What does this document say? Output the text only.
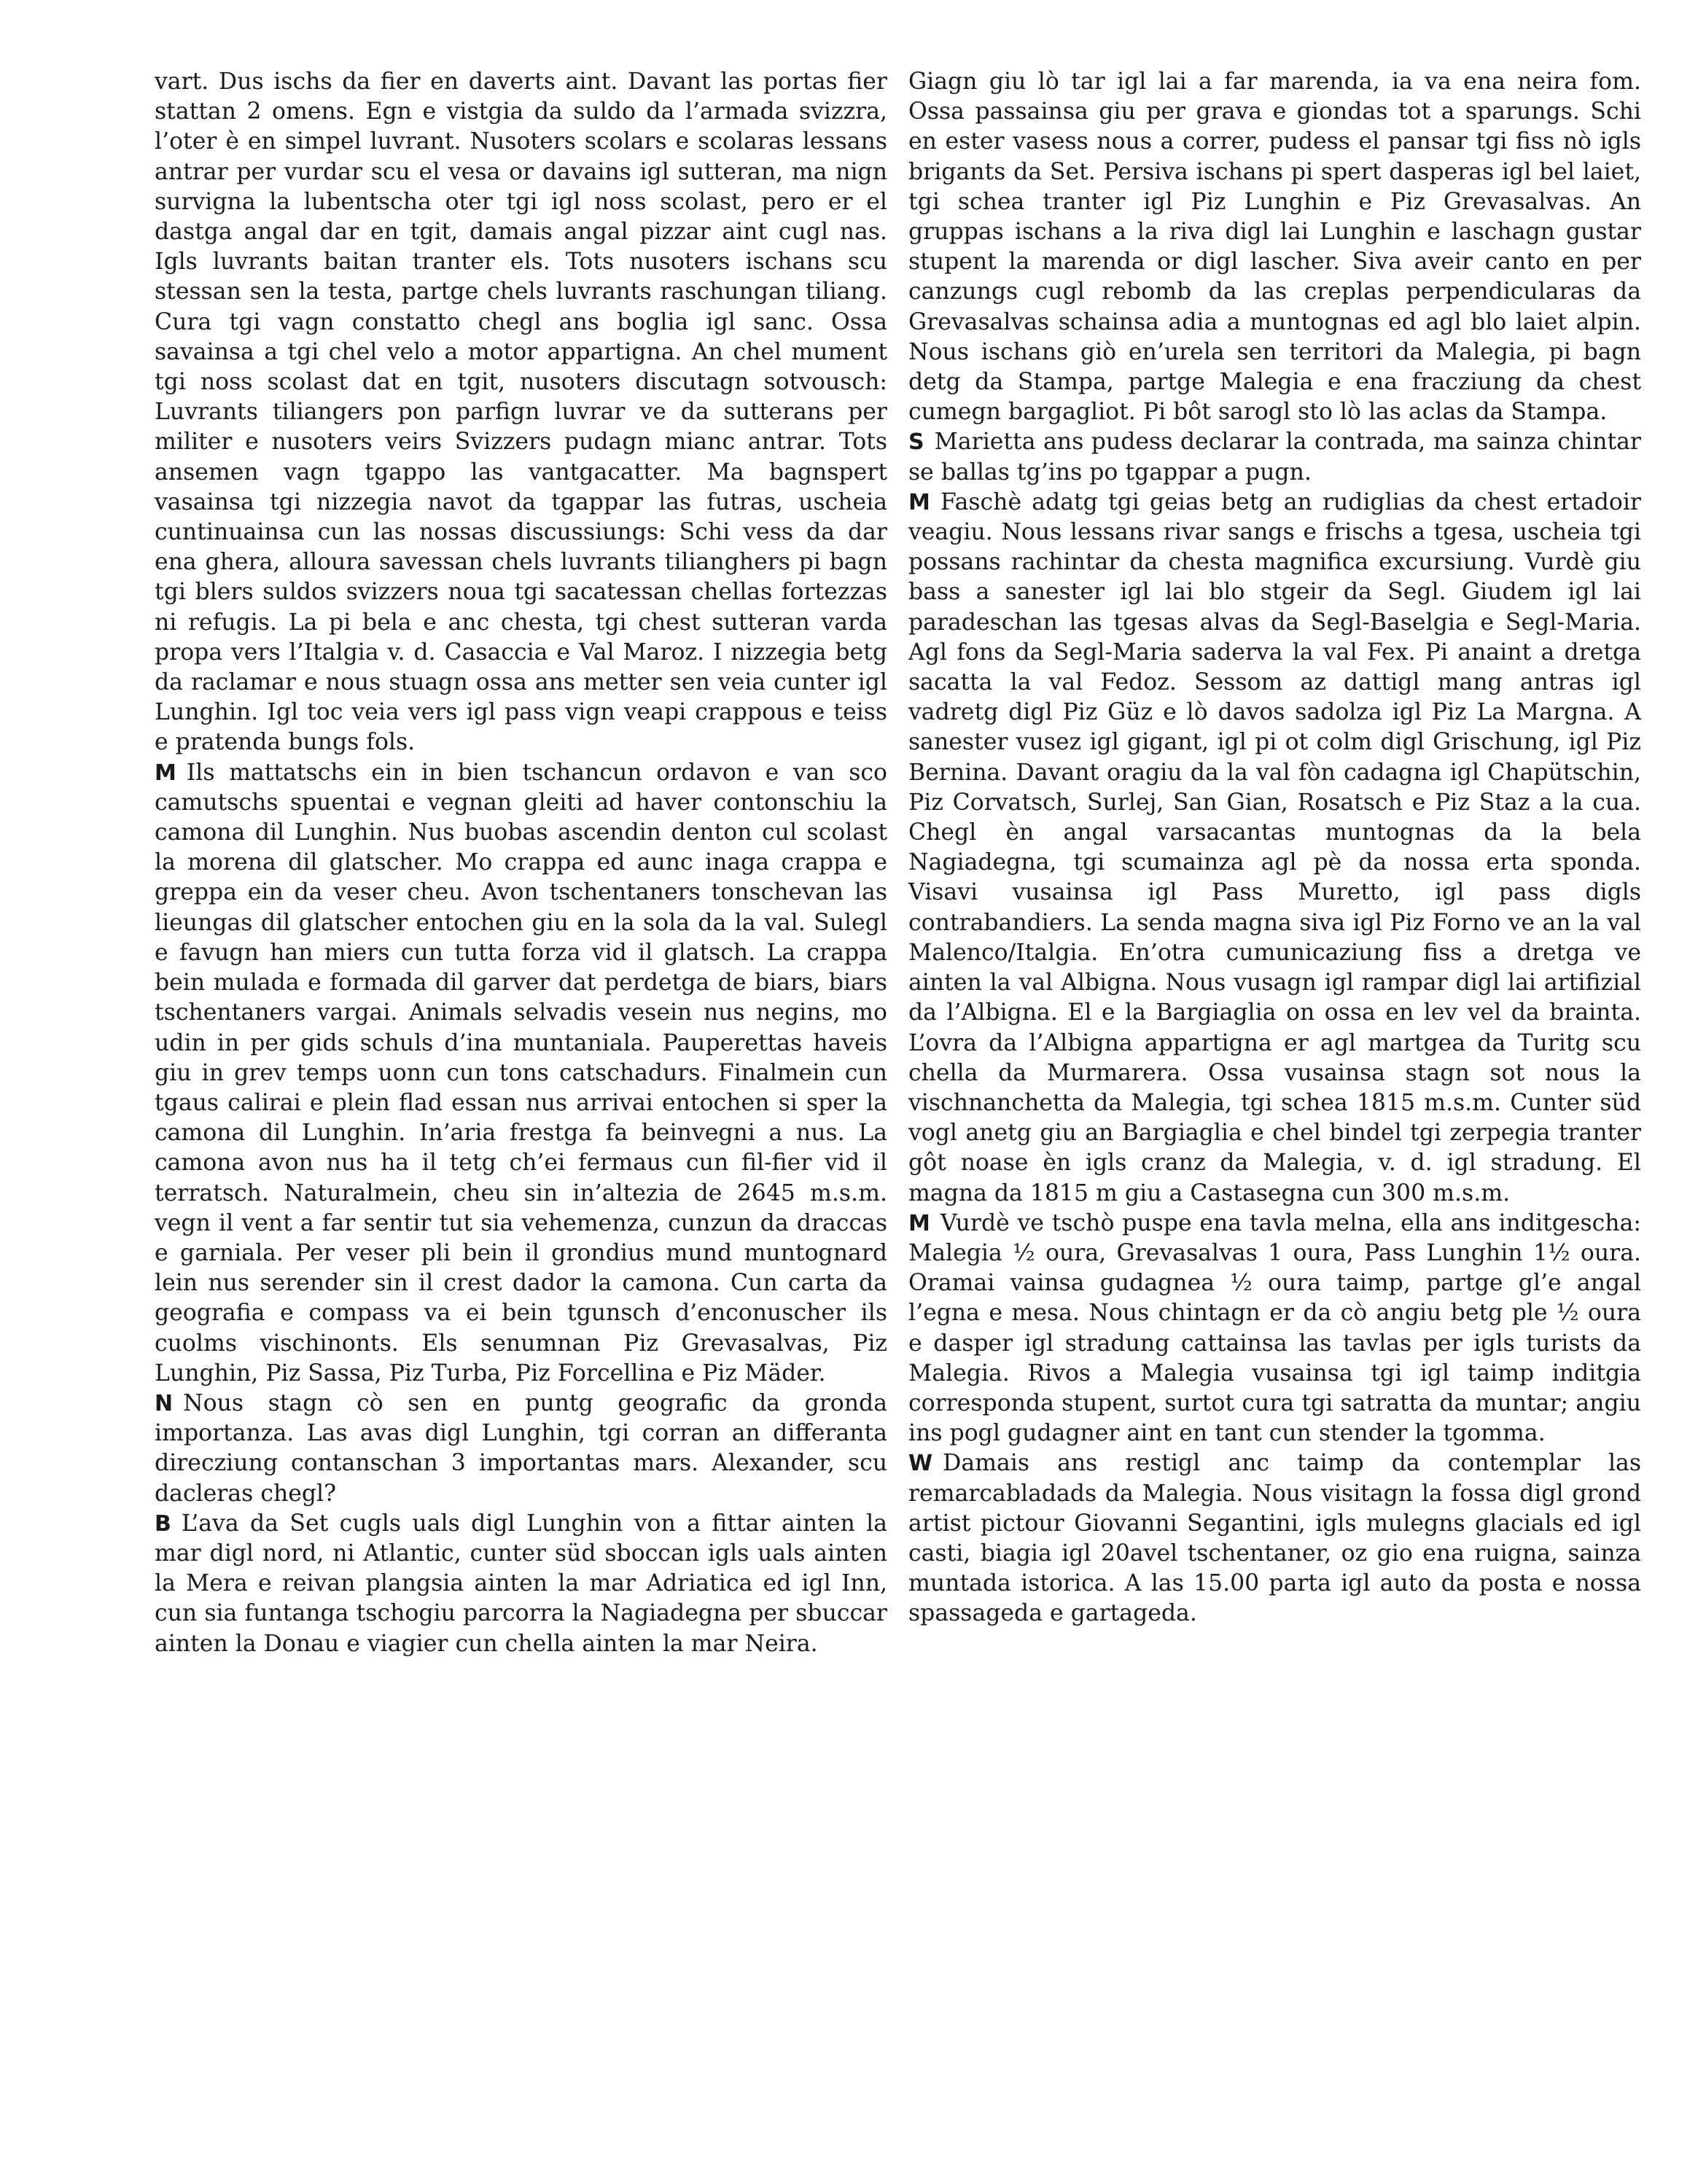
vart. Dus ischs da fier en daverts aint. Davant las portas fier stattan 2 omens. Egn e vistgia da suldo da l’armada svizzra, l’oter è en simpel luvrant. Nusoters scolars e scolaras lessans antrar per vurdar scu el vesa or davains igl sutteran, ma nign survigna la lubentscha oter tgi igl noss scolast, pero er el dastga angal dar en tgit, damais angal pizzar aint cugl nas. Igls luvrants baitan tranter els. Tots nusoters ischans scu stessan sen la testa, partge chels luvrants raschungan tiliang. Cura tgi vagn constatto chegl ans boglia igl sanc. Ossa savainsa a tgi chel velo a motor appartigna. An chel mument tgi noss scolast dat en tgit, nusoters discutagn sotvousch: Luvrants tiliangers pon parfign luvrar ve da sutterans per militer e nusoters veirs Svizzers pudagn mianc antrar. Tots ansemen vagn tgappo las vantgacatter. Ma bagnspert vasainsa tgi nizzegia navot da tgappar las futras, uscheia cuntinuainsa cun las nossas discussiungs: Schi vess da dar ena ghera, alloura savessan chels luvrants tilianghers pi bagn tgi blers suldos svizzers noua tgi sacatessan chellas fortezzas ni refugis. La pi bela e anc chesta, tgi chest sutteran varda propa vers l’Italgia v. d. Casaccia e Val Maroz. I nizzegia betg da raclamar e nous stuagn ossa ans metter sen veia cunter igl Lunghin. Igl toc veia vers igl pass vign veapi crappous e teiss e pratenda bungs fols.

M Ils mattatschs ein in bien tschancun ordavon e van sco camutschs spuentai e vegnan gleiti ad haver contonschiu la camona dil Lunghin. Nus buobas ascendin denton cul scolast la morena dil glatscher. Mo crappa ed aunc inaga crappa e greppa ein da veser cheu. Avon tschentaners tonschevan las lieungas dil glatscher entochen giu en la sola da la val. Sulegl e favugn han miers cun tutta forza vid il glatsch. La crappa bein mulada e formada dil garver dat perdetga de biars, biars tschentaners vargai. Animals selvadis vesein nus negins, mo udin in per gids schuls d’ina muntaniala. Pauperettas haveis giu in grev temps uonn cun tons catschadurs. Finalmein cun tgaus calirai e plein flad essan nus arrivai entochen si sper la camona dil Lunghin. In’aria frestga fa beinvegni a nus. La camona avon nus ha il tetg ch’ei fermaus cun fil-fier vid il terratsch. Naturalmein, cheu sin in’altezia de 2645 m.s.m. vegn il vent a far sentir tut sia vehemenza, cunzun da draccas e garniala. Per veser pli bein il grondius mund muntognard lein nus serender sin il crest dador la camona. Cun carta da geografia e compass va ei bein tgunsch d’enconuscher ils cuolms vischinonts. Els senumnan Piz Grevasalvas, Piz Lunghin, Piz Sassa, Piz Turba, Piz Forcellina e Piz Mäder.

N Nous stagn cò sen en puntg geografic da gronda importanza. Las avas digl Lunghin, tgi corran an differanta direcziung contanschan 3 importantas mars. Alexander, scu dacleras chegl?

B L’ava da Set cugls uals digl Lunghin von a fittar ainten la mar digl nord, ni Atlantic, cunter süd sboccan igls uals ainten la Mera e reivan plangsia ainten la mar Adriatica ed igl Inn, cun sia funtanga tschogiu parcorra la Nagiadegna per sbuccar ainten la Donau e viagier cun chella ainten la mar Neira.

Giagn giu lò tar igl lai a far marenda, ia va ena neira fom. Ossa passainsa giu per grava e giondas tot a sparungs. Schi en ester vasess nous a correr, pudess el pansar tgi fiss nò igls brigants da Set. Persiva ischans pi spert dasperas igl bel laiet, tgi schea tranter igl Piz Lunghin e Piz Grevasalvas. An gruppas ischans a la riva digl lai Lunghin e laschagn gustar stupent la marenda or digl lascher. Siva aveir canto en per canzungs cugl rebomb da las creplas perpendicularas da Grevasalvas schainsa adia a muntognas ed agl blo laiet alpin. Nous ischans giò en’urela sen territori da Malegia, pi bagn detg da Stampa, partge Malegia e ena fracziung da chest cumegn bargagliot. Pi bôt sarogl sto lò las aclas da Stampa.

S Marietta ans pudess declarar la contrada, ma sainza chintar se ballas tg’ins po tgappar a pugn.

M Faschè adatg tgi geias betg an rudiglias da chest ertadoir veagiu. Nous lessans rivar sangs e frischs a tgesa, uscheia tgi possans rachintar da chesta magnifica excursiung. Vurdè giu bass a sanester igl lai blo stgeir da Segl. Giudem igl lai paradeschan las tgesas alvas da Segl-Baselgia e Segl-Maria. Agl fons da Segl-Maria saderva la val Fex. Pi anaint a dretga sacatta la val Fedoz. Sessom az dattigl mang antras igl vadretg digl Piz Güz e lò davos sadolza igl Piz La Margna. A sanester vusez igl gigant, igl pi ot colm digl Grischung, igl Piz Bernina. Davant oragiu da la val fòn cadagna igl Chapütschin, Piz Corvatsch, Surlej, San Gian, Rosatsch e Piz Staz a la cua. Chegl èn angal varsacantas muntognas da la bela Nagiadegna, tgi scumainza agl pè da nossa erta sponda. Visavi vusainsa igl Pass Muretto, igl pass digls contrabandiers. La senda magna siva igl Piz Forno ve an la val Malenco/Italgia. En’otra cumunicaziung fiss a dretga ve ainten la val Albigna. Nous vusagn igl rampar digl lai artifizial da l’Albigna. El e la Bargiaglia on ossa en lev vel da brainta. L’ovra da l’Albigna appartigna er agl martgea da Turitg scu chella da Murmarera. Ossa vusainsa stagn sot nous la vischnanchetta da Malegia, tgi schea 1815 m.s.m. Cunter süd vogl anetg giu an Bargiaglia e chel bindel tgi zerpegia tranter gôt noase èn igls cranz da Malegia, v. d. igl stradung. El magna da 1815 m giu a Castasegna cun 300 m.s.m.

M Vurdè ve tschò puspe ena tavla melna, ella ans inditgescha: Malegia ½ oura, Grevasalvas 1 oura, Pass Lunghin 1½ oura. Oramai vainsa gudagnea ½ oura taimp, partge gl’e angal l’egna e mesa. Nous chintagn er da cò angiu betg ple ½ oura e dasper igl stradung cattainsa las tavlas per igls turists da Malegia. Rivos a Malegia vusainsa tgi igl taimp inditgia corresponda stupent, surtot cura tgi satratta da muntar; angiu ins pogl gudagner aint en tant cun stender la tgomma.

W Damais ans restigl anc taimp da contemplar las remarcabladads da Malegia. Nous visitagn la fossa digl grond artist pictour Giovanni Segantini, igls mulegns glacials ed igl casti, biagia igl 20avel tschentaner, oz gio ena ruigna, sainza muntada istorica. A las 15.00 parta igl auto da posta e nossa spassageda e gartageda.
